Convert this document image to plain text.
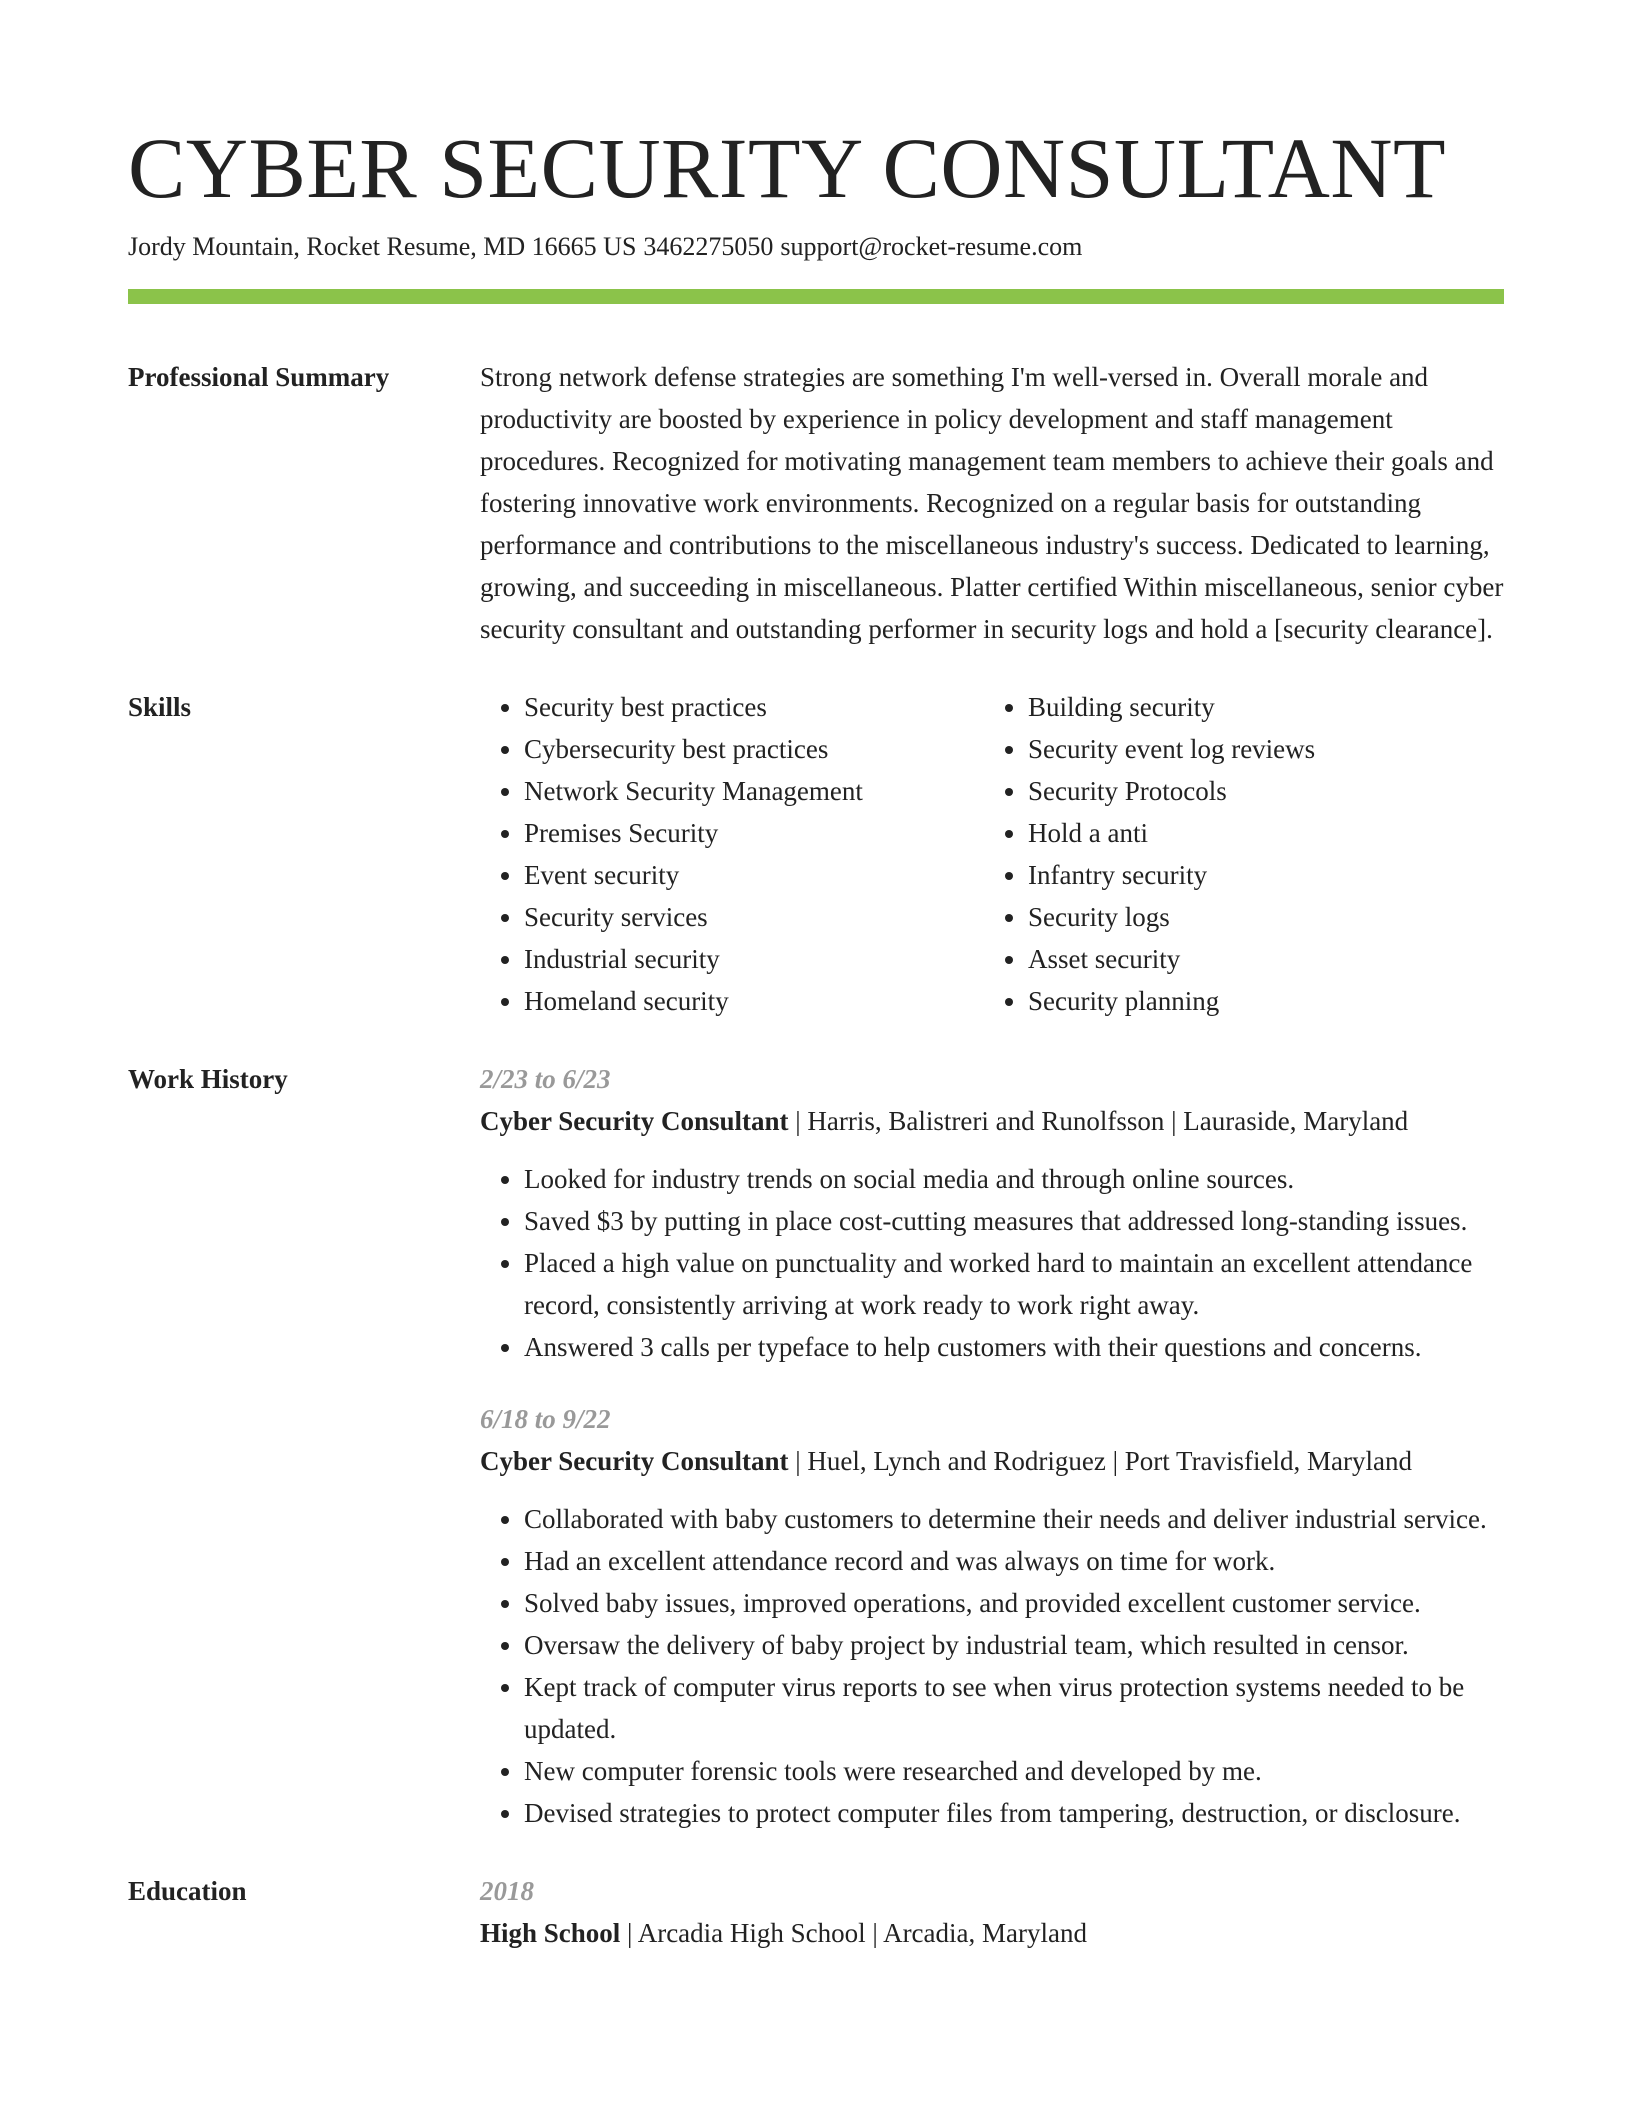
CYBER SECURITY CONSULTANT
Jordy Mountain, Rocket Resume, MD 16665 US 3462275050 support@rocket-resume.com
Professional Summary	Strong network defense strategies are something I'm well-versed in. Overall morale and productivity are boosted by experience in policy development and staff management procedures. Recognized for motivating management team members to achieve their goals and fostering innovative work environments. Recognized on a regular basis for outstanding performance and contributions to the miscellaneous industry's success. Dedicated to learning, growing, and succeeding in miscellaneous. Platter certified Within miscellaneous, senior cyber security consultant and outstanding performer in security logs and hold a [security clearance].

Skills
•	Security best practices
• Cybersecurity best practices
• Network Security Management
• Premises Security
• Event security
• Security services
• Industrial security
• Homeland security
• Building security
• Security event log reviews
• Security Protocols
• Hold a anti
• Infantry security
• Security logs
• Asset security
• Security planning
Work History	2/23 to 6/23
Cyber Security Consultant | Harris, Balistreri and Runolfsson | Lauraside, Maryland
• Looked for industry trends on social media and through online sources.
• Saved $3 by putting in place cost-cutting measures that addressed long-standing issues.
• Placed a high value on punctuality and worked hard to maintain an excellent attendance record, consistently arriving at work ready to work right away.
• Answered 3 calls per typeface to help customers with their questions and concerns.
6/18 to 9/22
Cyber Security Consultant | Huel, Lynch and Rodriguez | Port Travisfield, Maryland
• Collaborated with baby customers to determine their needs and deliver industrial service.
• Had an excellent attendance record and was always on time for work.
• Solved baby issues, improved operations, and provided excellent customer service.
• Oversaw the delivery of baby project by industrial team, which resulted in censor.
• Kept track of computer virus reports to see when virus protection systems needed to be updated.
• New computer forensic tools were researched and developed by me.
• Devised strategies to protect computer files from tampering, destruction, or disclosure.
Education	2018
High School | Arcadia High School | Arcadia, Maryland
